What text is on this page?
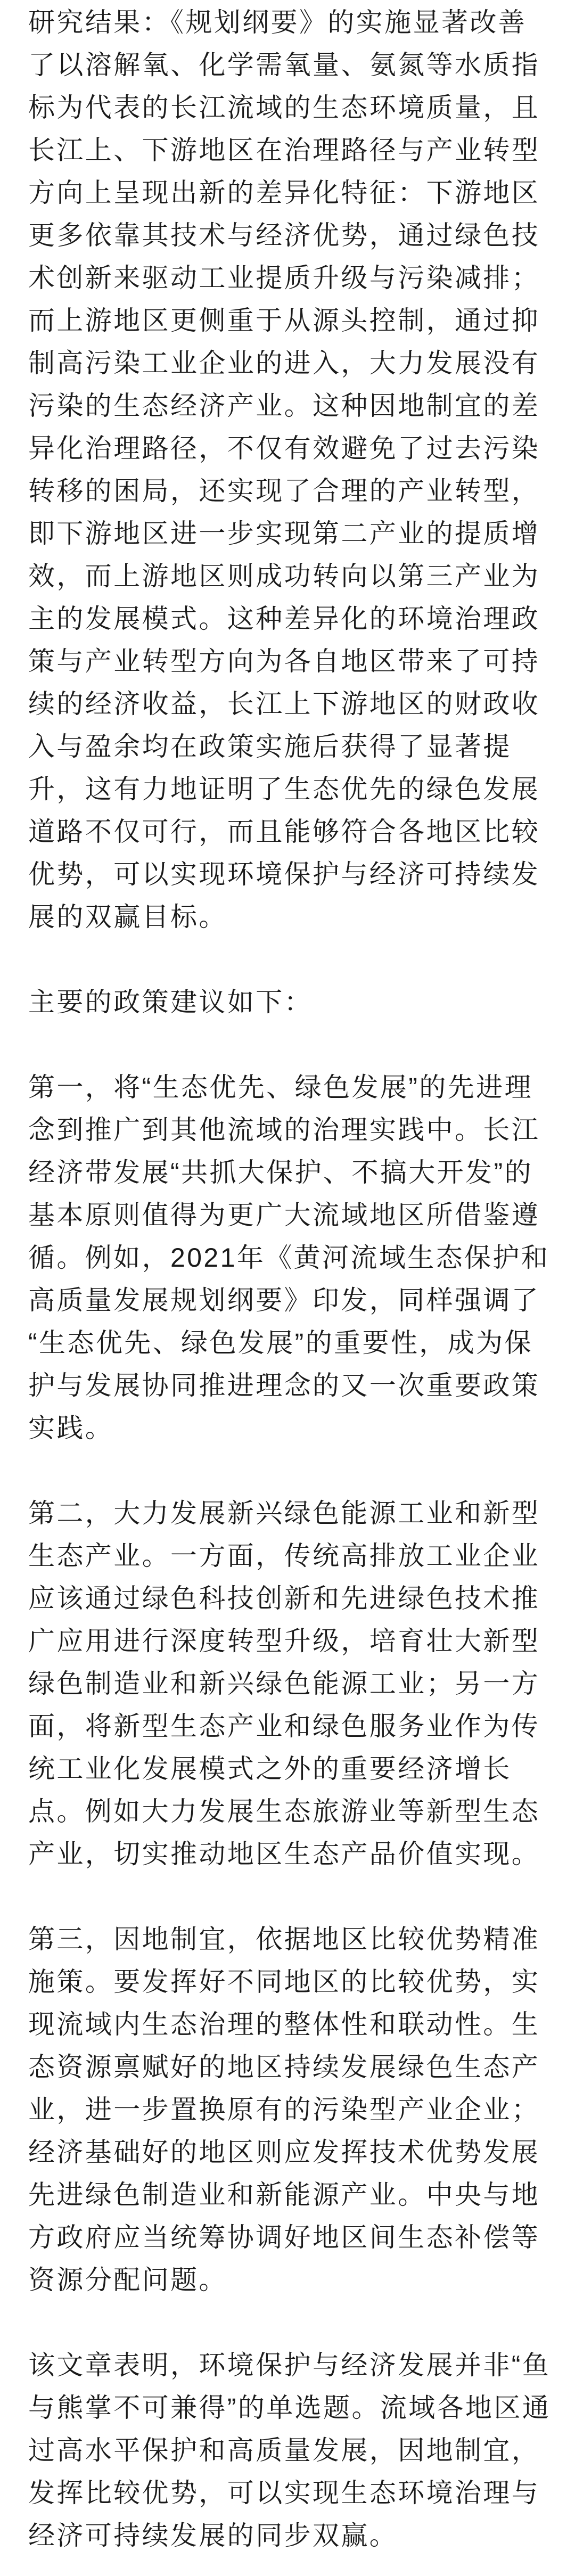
研究结果：《规划纲要》的实施显著改善
了以溶解氧、化学需氧量、氨氮等水质指
标为代表的长江流域的生态环境质量，且
长江上、下游地区在治理路径与产业转型
方向上呈现出新的差异化特征：下游地区
更多依靠其技术与经济优势，通过绿色技
术创新来驱动工业提质升级与污染减排；
而上游地区更侧重于从源头控制，通过抑
制高污染工业企业的进入，大力发展没有
污染的生态经济产业。这种因地制宜的差
异化治理路径，不仅有效避免了过去污染
转移的困局，还实现了合理的产业转型，
即下游地区进一步实现第二产业的提质增
效，而上游地区则成功转向以第三产业为
主的发展模式。这种差异化的环境治理政
策与产业转型方向为各自地区带来了可持
续的经济收益，长江上下游地区的财政收
入与盈余均在政策实施后获得了显著提
升，这有力地证明了生态优先的绿色发展
道路不仅可行，而且能够符合各地区比较
优势，可以实现环境保护与经济可持续发
展的双赢目标。
主要的政策建议如下：
第一，将“生态优先、绿色发展”的先进理
念到推广到其他流域的治理实践中。长江
经济带发展“共抓大保护、不搞大开发”的
基本原则值得为更广大流域地区所借鉴遵
循。例如，2021年《黄河流域生态保护和
高质量发展规划纲要》印发，同样强调了
“生态优先、绿色发展”的重要性，成为保
护与发展协同推进理念的又一次重要政策
实践。
第二，大力发展新兴绿色能源工业和新型
生态产业。一方面，传统高排放工业企业
应该通过绿色科技创新和先进绿色技术推
广应用进行深度转型升级，培育壮大新型
绿色制造业和新兴绿色能源工业；另一方
面，将新型生态产业和绿色服务业作为传
统工业化发展模式之外的重要经济增长
点。例如大力发展生态旅游业等新型生态
产业，切实推动地区生态产品价值实现。
第三，因地制宜，依据地区比较优势精准
施策。要发挥好不同地区的比较优势，实
现流域内生态治理的整体性和联动性。生
态资源禀赋好的地区持续发展绿色生态产
业，进一步置换原有的污染型产业企业；
经济基础好的地区则应发挥技术优势发展
先进绿色制造业和新能源产业。中央与地
方政府应当统筹协调好地区间生态补偿等
资源分配问题。
该文章表明，环境保护与经济发展并非“鱼
与熊掌不可兼得”的单选题。流域各地区通
过高水平保护和高质量发展，因地制宜，
发挥比较优势，可以实现生态环境治理与
经济可持续发展的同步双赢。
